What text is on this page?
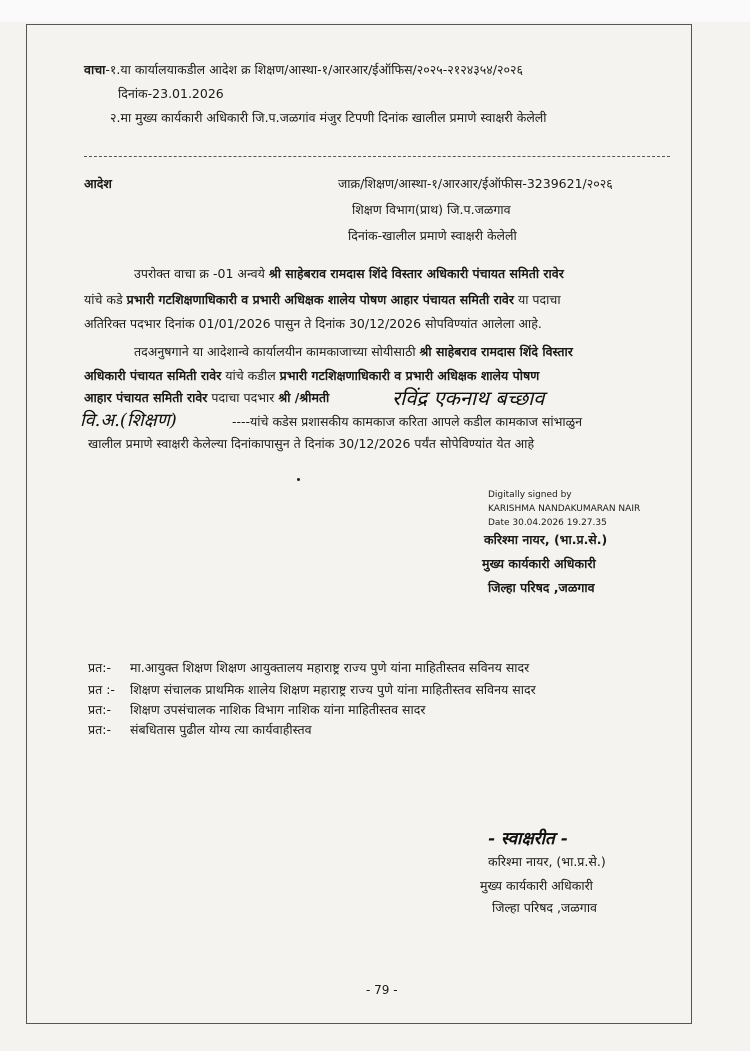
वाचा-१.या कार्यालयाकडील आदेश क्र शिक्षण/आस्था-१/आरआर/ईऑफिस/२०२५-२१२४३५४/२०२६
दिनांक-23.01.2026
२.मा मुख्य कार्यकारी अधिकारी जि.प.जळगांव मंजुर टिपणी दिनांक खालील प्रमाणे स्वाक्षरी केलेली
आदेश	जाक्र/शिक्षण/आस्था-१/आरआर/ईऑफीस-3239621/२०२६
शिक्षण विभाग(प्राथ) जि.प.जळगाव
दिनांक-खालील प्रमाणे स्वाक्षरी केलेली
उपरोक्त वाचा क्र -01 अन्वये श्री साहेबराव रामदास शिंदे विस्तार अधिकारी पंचायत समिती रावेर
यांचे कडे प्रभारी गटशिक्षणाधिकारी व प्रभारी अधिक्षक शालेय पोषण आहार पंचायत समिती रावेर या पदाचा
अतिरिक्त पदभार दिनांक 01/01/2026 पासुन ते दिनांक 30/12/2026 सोपविण्यांत आलेला आहे.
तदअनुषगाने या आदेशान्वे कार्यालयीन कामकाजाच्या सोयीसाठी श्री साहेबराव रामदास शिंदे विस्तार
अधिकारी पंचायत समिती रावेर यांचे कडील प्रभारी गटशिक्षणाधिकारी व प्रभारी अधिक्षक शालेय पोषण
आहार पंचायत समिती रावेर पदाचा पदभार श्री /श्रीमती	रविंद्र एकनाथ बच्छाव
वि.अ.(शिक्षण)	----यांचे कडेस प्रशासकीय कामकाज करिता आपले कडील कामकाज सांभाळुन
खालील प्रमाणे स्वाक्षरी केलेल्या दिनांकापासुन ते दिनांक 30/12/2026 पर्यंत सोपेविण्यांत येत आहे
Digitally signed by
KARISHMA NANDAKUMARAN NAIR
Date 30.04.2026 19.27.35
करिश्मा नायर, (भा.प्र.से.)
मुख्य कार्यकारी अधिकारी
जिल्हा परिषद ,जळगाव
प्रत:- मा.आयुक्त शिक्षण शिक्षण आयुक्तालय महाराष्ट्र राज्य पुणे यांना माहितीस्तव सविनय सादर
प्रत :- शिक्षण संचालक प्राथमिक शालेय शिक्षण महाराष्ट्र राज्य पुणे यांना माहितीस्तव सविनय सादर
प्रत:- शिक्षण उपसंचालक नाशिक विभाग नाशिक यांना माहितीस्तव सादर
प्रत:- संबधितास पुढील योग्य त्या कार्यवाहीस्तव
- स्वाक्षरीत -
करिश्मा नायर, (भा.प्र.से.)
मुख्य कार्यकारी अधिकारी
जिल्हा परिषद ,जळगाव
- 79 -
